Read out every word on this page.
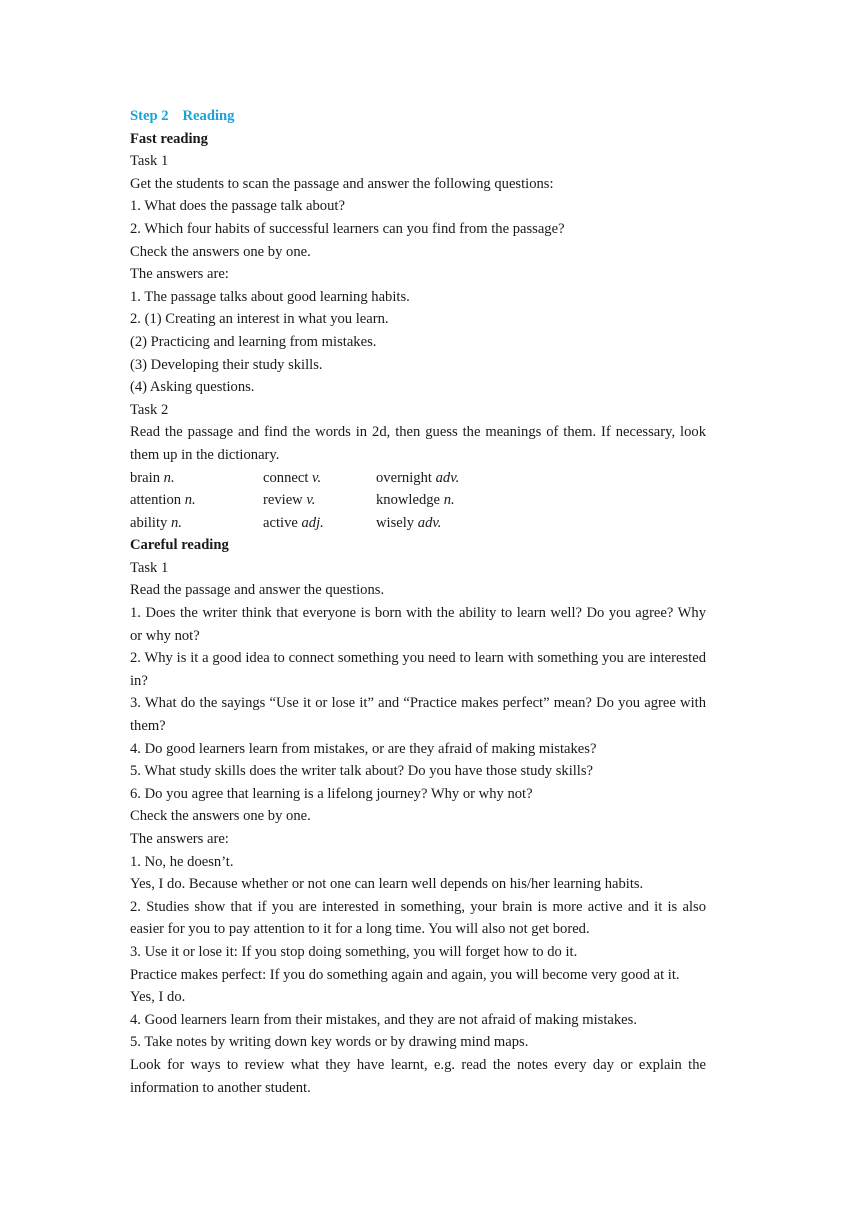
Step 2 Reading
Fast reading
Task 1
Get the students to scan the passage and answer the following questions:
1. What does the passage talk about?
2. Which four habits of successful learners can you find from the passage?
Check the answers one by one.
The answers are:
1. The passage talks about good learning habits.
2. (1) Creating an interest in what you learn.
(2) Practicing and learning from mistakes.
(3) Developing their study skills.
(4) Asking questions.
Task 2
Read the passage and find the words in 2d, then guess the meanings of them. If necessary, look them up in the dictionary.
brain n.	connect v.	overnight adv.
attention n.	review v.	knowledge n.
ability n.	active adj.	wisely adv.
Careful reading
Task 1
Read the passage and answer the questions.
1. Does the writer think that everyone is born with the ability to learn well? Do you agree? Why or why not?
2. Why is it a good idea to connect something you need to learn with something you are interested in?
3. What do the sayings “Use it or lose it” and “Practice makes perfect” mean? Do you agree with them?
4. Do good learners learn from mistakes, or are they afraid of making mistakes?
5. What study skills does the writer talk about? Do you have those study skills?
6. Do you agree that learning is a lifelong journey? Why or why not?
Check the answers one by one.
The answers are:
1. No, he doesn’t.
Yes, I do. Because whether or not one can learn well depends on his/her learning habits.
2. Studies show that if you are interested in something, your brain is more active and it is also easier for you to pay attention to it for a long time. You will also not get bored.
3. Use it or lose it: If you stop doing something, you will forget how to do it.
Practice makes perfect: If you do something again and again, you will become very good at it.
Yes, I do.
4. Good learners learn from their mistakes, and they are not afraid of making mistakes.
5. Take notes by writing down key words or by drawing mind maps.
Look for ways to review what they have learnt, e.g. read the notes every day or explain the information to another student.
